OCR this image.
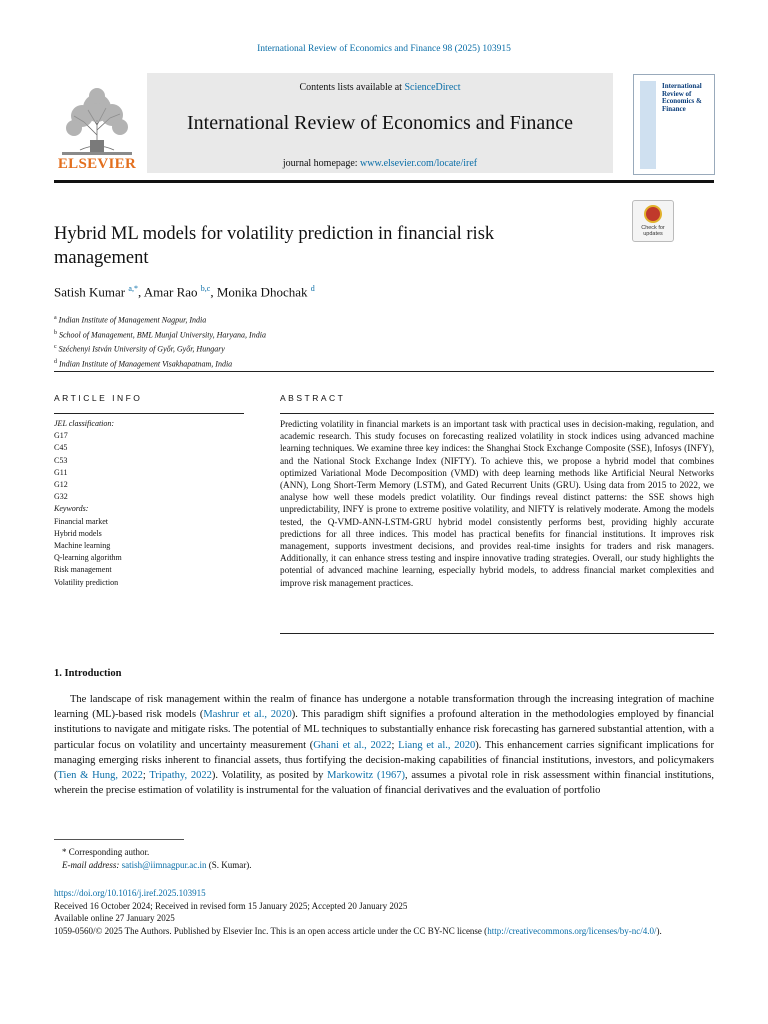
International Review of Economics and Finance 98 (2025) 103915
ELSEVIER
Contents lists available at ScienceDirect
International Review of Economics and Finance
journal homepage: www.elsevier.com/locate/iref
International Review of Economics & Finance
Check for
updates
Hybrid ML models for volatility prediction in financial risk management
Satish Kumar $^{a,*}$, Amar Rao $^{b,c}$, Monika Dhochak $^d$
$^a$ Indian Institute of Management Nagpur, India
$^b$ School of Management, BML Munjal University, Haryana, India
$^c$ Széchenyi István University of Győr, Győr, Hungary
$^d$ Indian Institute of Management Visakhapatnam, India
ARTICLE INFO
JEL classification:
G17
C45
C53
G11
G12
G32
Keywords:
Financial market
Hybrid models
Machine learning
Q-learning algorithm
Risk management
Volatility prediction
ABSTRACT
Predicting volatility in financial markets is an important task with practical uses in decision-making, regulation, and academic research. This study focuses on forecasting realized volatility in stock indices using advanced machine learning techniques. We examine three key indices: the Shanghai Stock Exchange Composite (SSE), Infosys (INFY), and the National Stock Exchange Index (NIFTY). To achieve this, we propose a hybrid model that combines optimized Variational Mode Decomposition (VMD) with deep learning methods like Artificial Neural Networks (ANN), Long Short-Term Memory (LSTM), and Gated Recurrent Units (GRU). Using data from 2015 to 2022, we analyse how well these models predict volatility. Our findings reveal distinct patterns: the SSE shows high unpredictability, INFY is prone to extreme positive volatility, and NIFTY is relatively moderate. Among the models tested, the Q-VMD-ANN-LSTM-GRU hybrid model consistently performs best, providing highly accurate predictions for all three indices. This model has practical benefits for financial institutions. It improves risk management, supports investment decisions, and provides real-time insights for traders and risk managers. Additionally, it can enhance stress testing and inspire innovative trading strategies. Overall, our study highlights the potential of advanced machine learning, especially hybrid models, to address financial market complexities and improve risk management practices.
1. Introduction
The landscape of risk management within the realm of finance has undergone a notable transformation through the increasing integration of machine learning (ML)-based risk models (Mashrur et al., 2020). This paradigm shift signifies a profound alteration in the methodologies employed by financial institutions to navigate and mitigate risks. The potential of ML techniques to substantially enhance risk forecasting has garnered substantial attention, with a particular focus on volatility and uncertainty measurement (Ghani et al., 2022; Liang et al., 2020). This enhancement carries significant implications for managing emerging risks inherent to financial assets, thus fortifying the decision-making capabilities of financial institutions, investors, and policymakers (Tien & Hung, 2022; Tripathy, 2022). Volatility, as posited by Markowitz (1967), assumes a pivotal role in risk assessment within financial institutions, wherein the precise estimation of volatility is instrumental for the valuation of financial derivatives and the evaluation of portfolio
* Corresponding author.
E-mail address: satish@iimnagpur.ac.in (S. Kumar).
https://doi.org/10.1016/j.iref.2025.103915
Received 16 October 2024; Received in revised form 15 January 2025; Accepted 20 January 2025
Available online 27 January 2025
1059-0560/© 2025 The Authors. Published by Elsevier Inc. This is an open access article under the CC BY-NC license (http://creativecommons.org/licenses/by-nc/4.0/).
